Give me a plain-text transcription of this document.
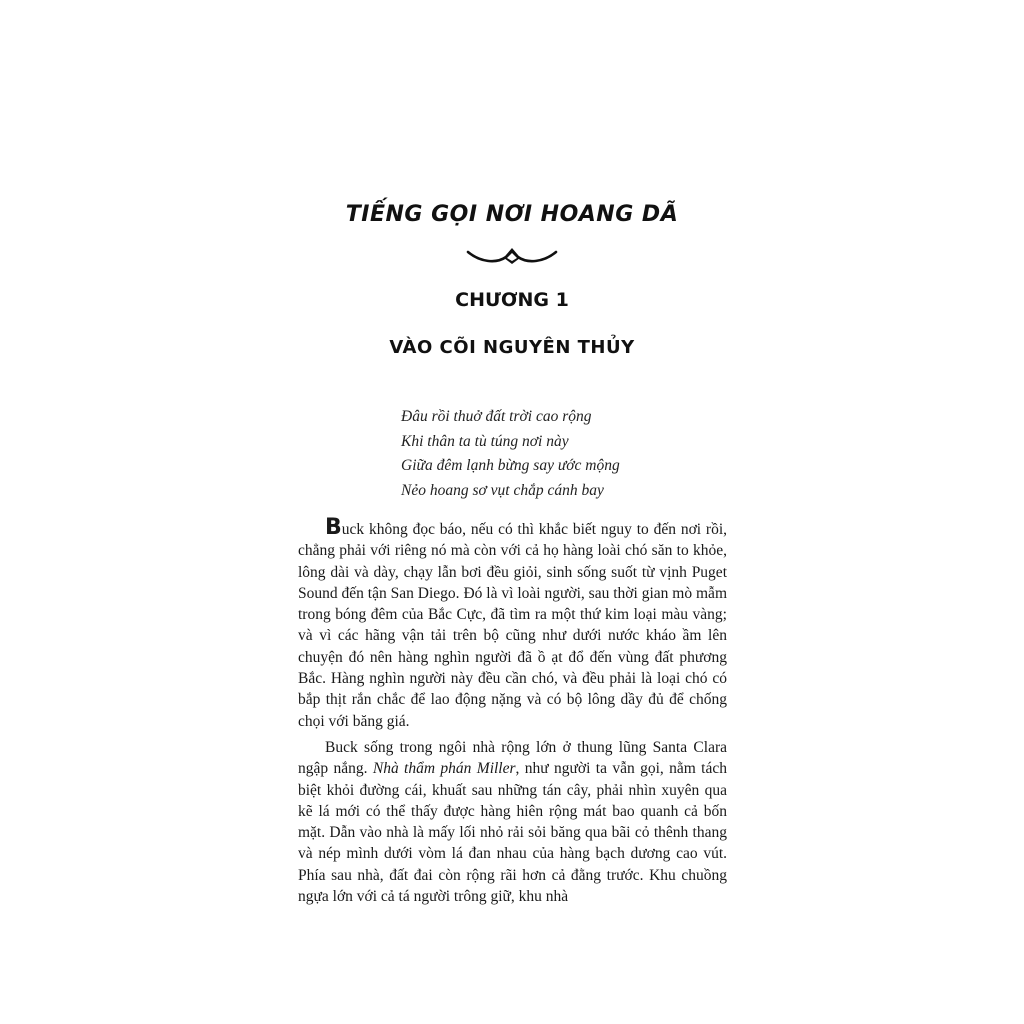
TIẾNG GỌI NƠI HOANG DÃ
CHƯƠNG 1
VÀO CÕI NGUYÊN THỦY
Đâu rồi thuở đất trời cao rộng
Khi thân ta tù túng nơi này
Giữa đêm lạnh bừng say ước mộng
Nẻo hoang sơ vụt chắp cánh bay

Buck không đọc báo, nếu có thì khắc biết nguy to đến nơi rồi, chẳng phải với riêng nó mà còn với cả họ hàng loài chó săn to khỏe, lông dài và dày, chạy lẫn bơi đều giỏi, sinh sống suốt từ vịnh Puget Sound đến tận San Diego. Đó là vì loài người, sau thời gian mò mẫm trong bóng đêm của Bắc Cực, đã tìm ra một thứ kim loại màu vàng; và vì các hãng vận tải trên bộ cũng như dưới nước kháo ầm lên chuyện đó nên hàng nghìn người đã ồ ạt đổ đến vùng đất phương Bắc. Hàng nghìn người này đều cần chó, và đều phải là loại chó có bắp thịt rắn chắc để lao động nặng và có bộ lông dầy đủ để chống chọi với băng giá.

Buck sống trong ngôi nhà rộng lớn ở thung lũng Santa Clara ngập nắng. Nhà thẩm phán Miller, như người ta vẫn gọi, nằm tách biệt khỏi đường cái, khuất sau những tán cây, phải nhìn xuyên qua kẽ lá mới có thể thấy được hàng hiên rộng mát bao quanh cả bốn mặt. Dẫn vào nhà là mấy lối nhỏ rải sỏi băng qua bãi cỏ thênh thang và nép mình dưới vòm lá đan nhau của hàng bạch dương cao vút. Phía sau nhà, đất đai còn rộng rãi hơn cả đằng trước. Khu chuồng ngựa lớn với cả tá người trông giữ, khu nhà
